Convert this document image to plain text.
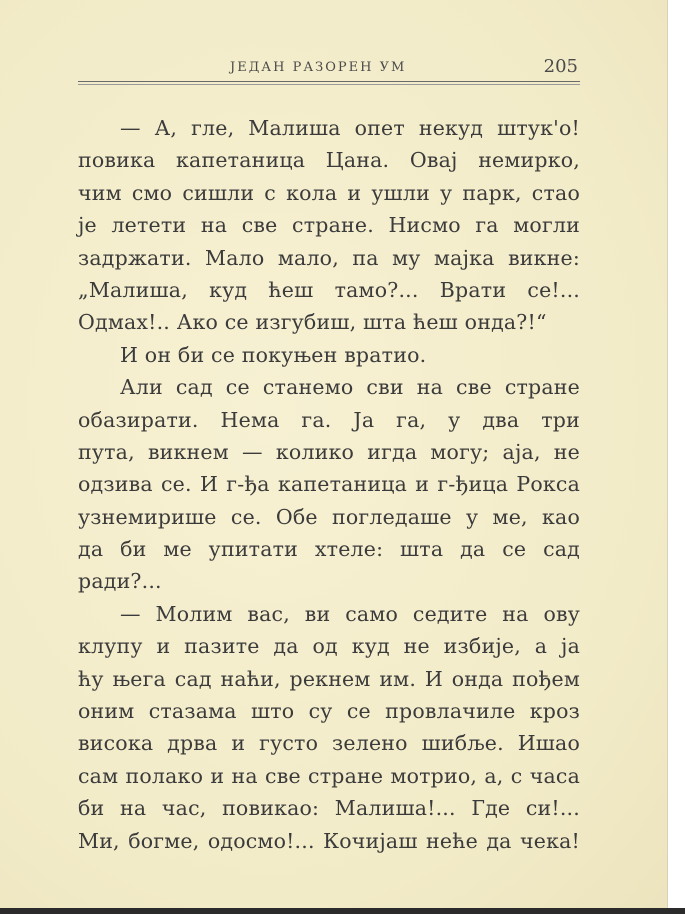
ЈЕДАН РАЗОРЕН УМ	205
— А, гле, Малиша опет некуд штук'о!
повика капетаница Цана. Овај немирко,
чим смо сишли с кола и ушли у парк, стао
је летети на све стране. Нисмо га могли
задржати. Мало мало, па му мајка викне:
„Малиша, куд ћеш тамо?... Врати се!...
Одмах!.. Ако се изгубиш, шта ћеш онда?!“
И он би се покуњен вратио.
Али сад се станемо сви на све стране
обазирати. Нема га. Ја га, у два три
пута, викнем — колико игда могу; аја, не
одзива се. И г-ђа капетаница и г-ђица Рокса
узнемирише се. Обе погледаше у ме, као
да би ме упитати хтеле: шта да се сад
ради?...
— Молим вас, ви само седите на ову
клупу и пазите да од куд не избије, а ја
ћу њега сад наћи, рекнем им. И онда пођем
оним стазама што су се провлачиле кроз
висока дрва и густо зелено шибље. Ишао
сам полако и на све стране мотрио, а, с часа
би на час, повикао: Малиша!... Где си!...
Ми, богме, одосмо!... Кочијаш неће да чека!
